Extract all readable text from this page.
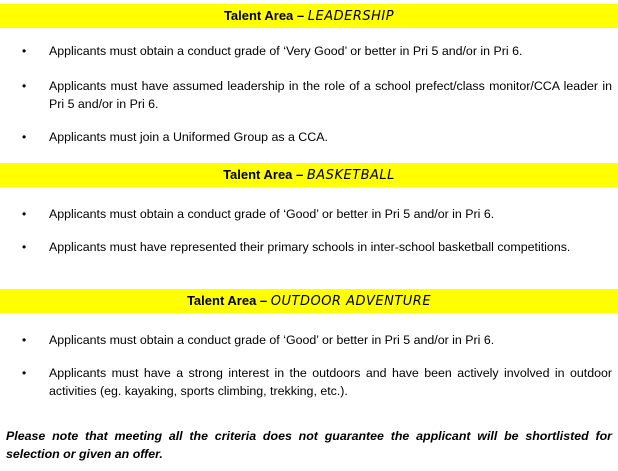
Talent Area – LEADERSHIP
•	Applicants must obtain a conduct grade of ‘Very Good’ or better in Pri 5 and/or in Pri 6.
•	Applicants must have assumed leadership in the role of a school prefect/class monitor/CCA leader in Pri 5 and/or in Pri 6.
•	Applicants must join a Uniformed Group as a CCA.
Talent Area – BASKETBALL
•	Applicants must obtain a conduct grade of ‘Good’ or better in Pri 5 and/or in Pri 6.
•	Applicants must have represented their primary schools in inter-school basketball competitions.
Talent Area – OUTDOOR ADVENTURE
•	Applicants must obtain a conduct grade of ‘Good’ or better in Pri 5 and/or in Pri 6.
•	Applicants must have a strong interest in the outdoors and have been actively involved in outdoor activities (eg. kayaking, sports climbing, trekking, etc.).
Please note that meeting all the criteria does not guarantee the applicant will be shortlisted for selection or given an offer.
